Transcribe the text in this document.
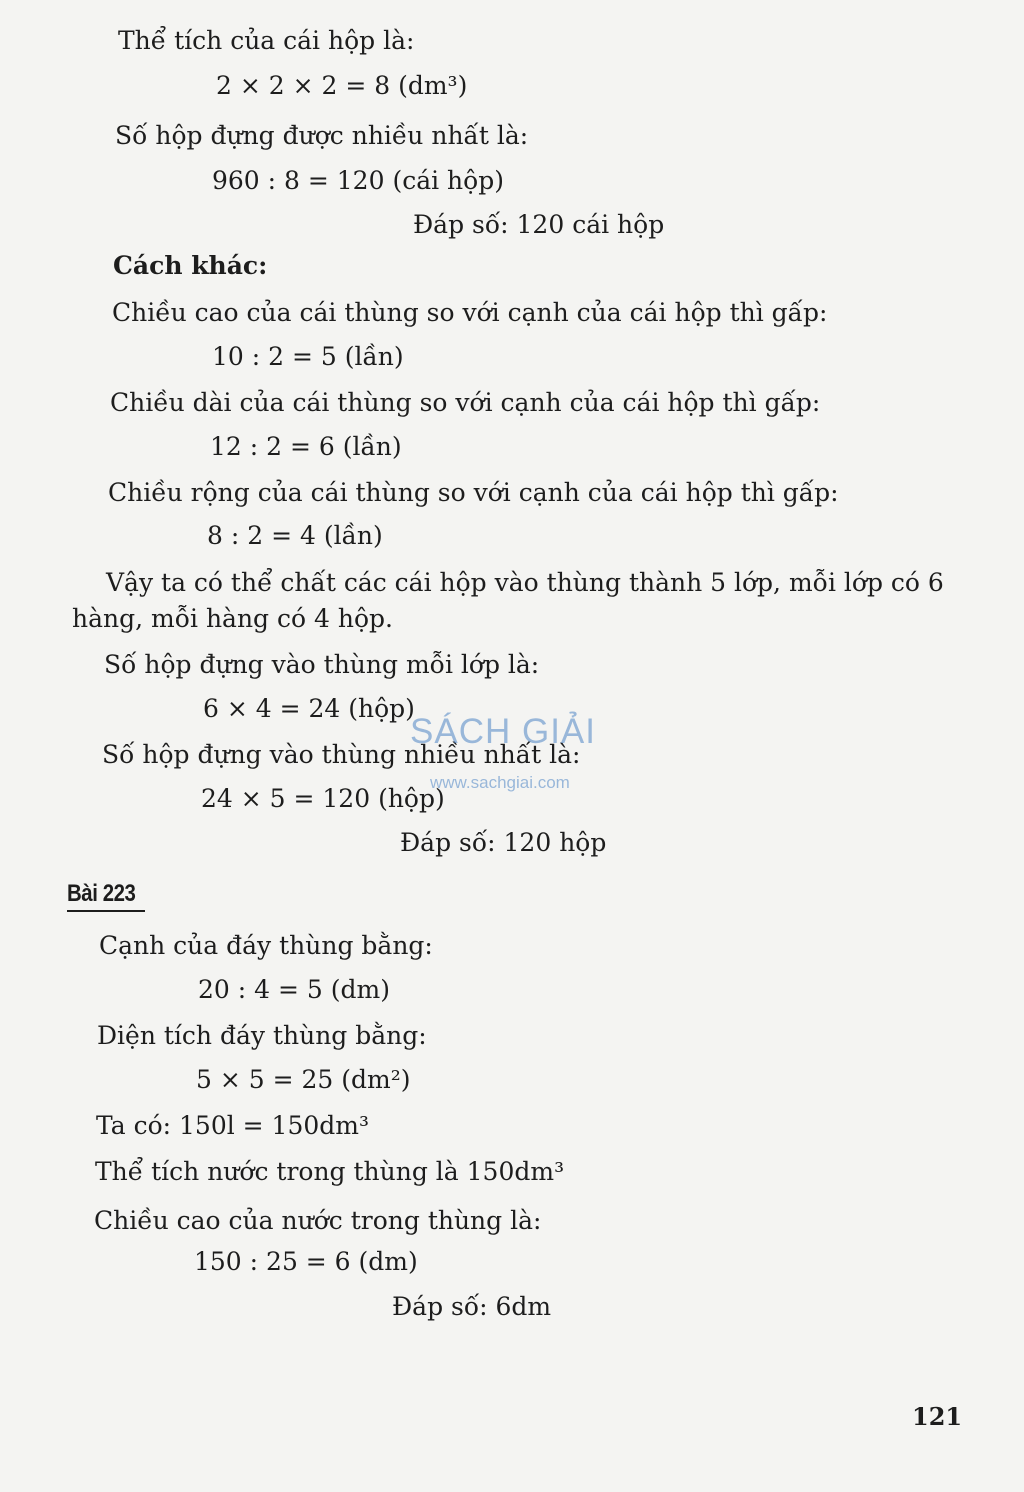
Thể tích của cái hộp là:
2 × 2 × 2 = 8 (dm³)
Số hộp đựng được nhiều nhất là:
960 : 8 = 120 (cái hộp)
Đáp số: 120 cái hộp
Cách khác:
Chiều cao của cái thùng so với cạnh của cái hộp thì gấp:
10 : 2 = 5 (lần)
Chiều dài của cái thùng so với cạnh của cái hộp thì gấp:
12 : 2 = 6 (lần)
Chiều rộng của cái thùng so với cạnh của cái hộp thì gấp:
8 : 2 = 4 (lần)
Vậy ta có thể chất các cái hộp vào thùng thành 5 lớp, mỗi lớp có 6
hàng, mỗi hàng có 4 hộp.
Số hộp đựng vào thùng mỗi lớp là:
6 × 4 = 24 (hộp)
Số hộp đựng vào thùng nhiều nhất là:
24 × 5 = 120 (hộp)
Đáp số: 120 hộp
Cạnh của đáy thùng bằng:
20 : 4 = 5 (dm)
Diện tích đáy thùng bằng:
5 × 5 = 25 (dm²)
Ta có: 150l = 150dm³
Thể tích nước trong thùng là 150dm³
Chiều cao của nước trong thùng là:
150 : 25 = 6 (dm)
Đáp số: 6dm
Bài 223
SÁCH GIẢI
www.sachgiai.com
121
